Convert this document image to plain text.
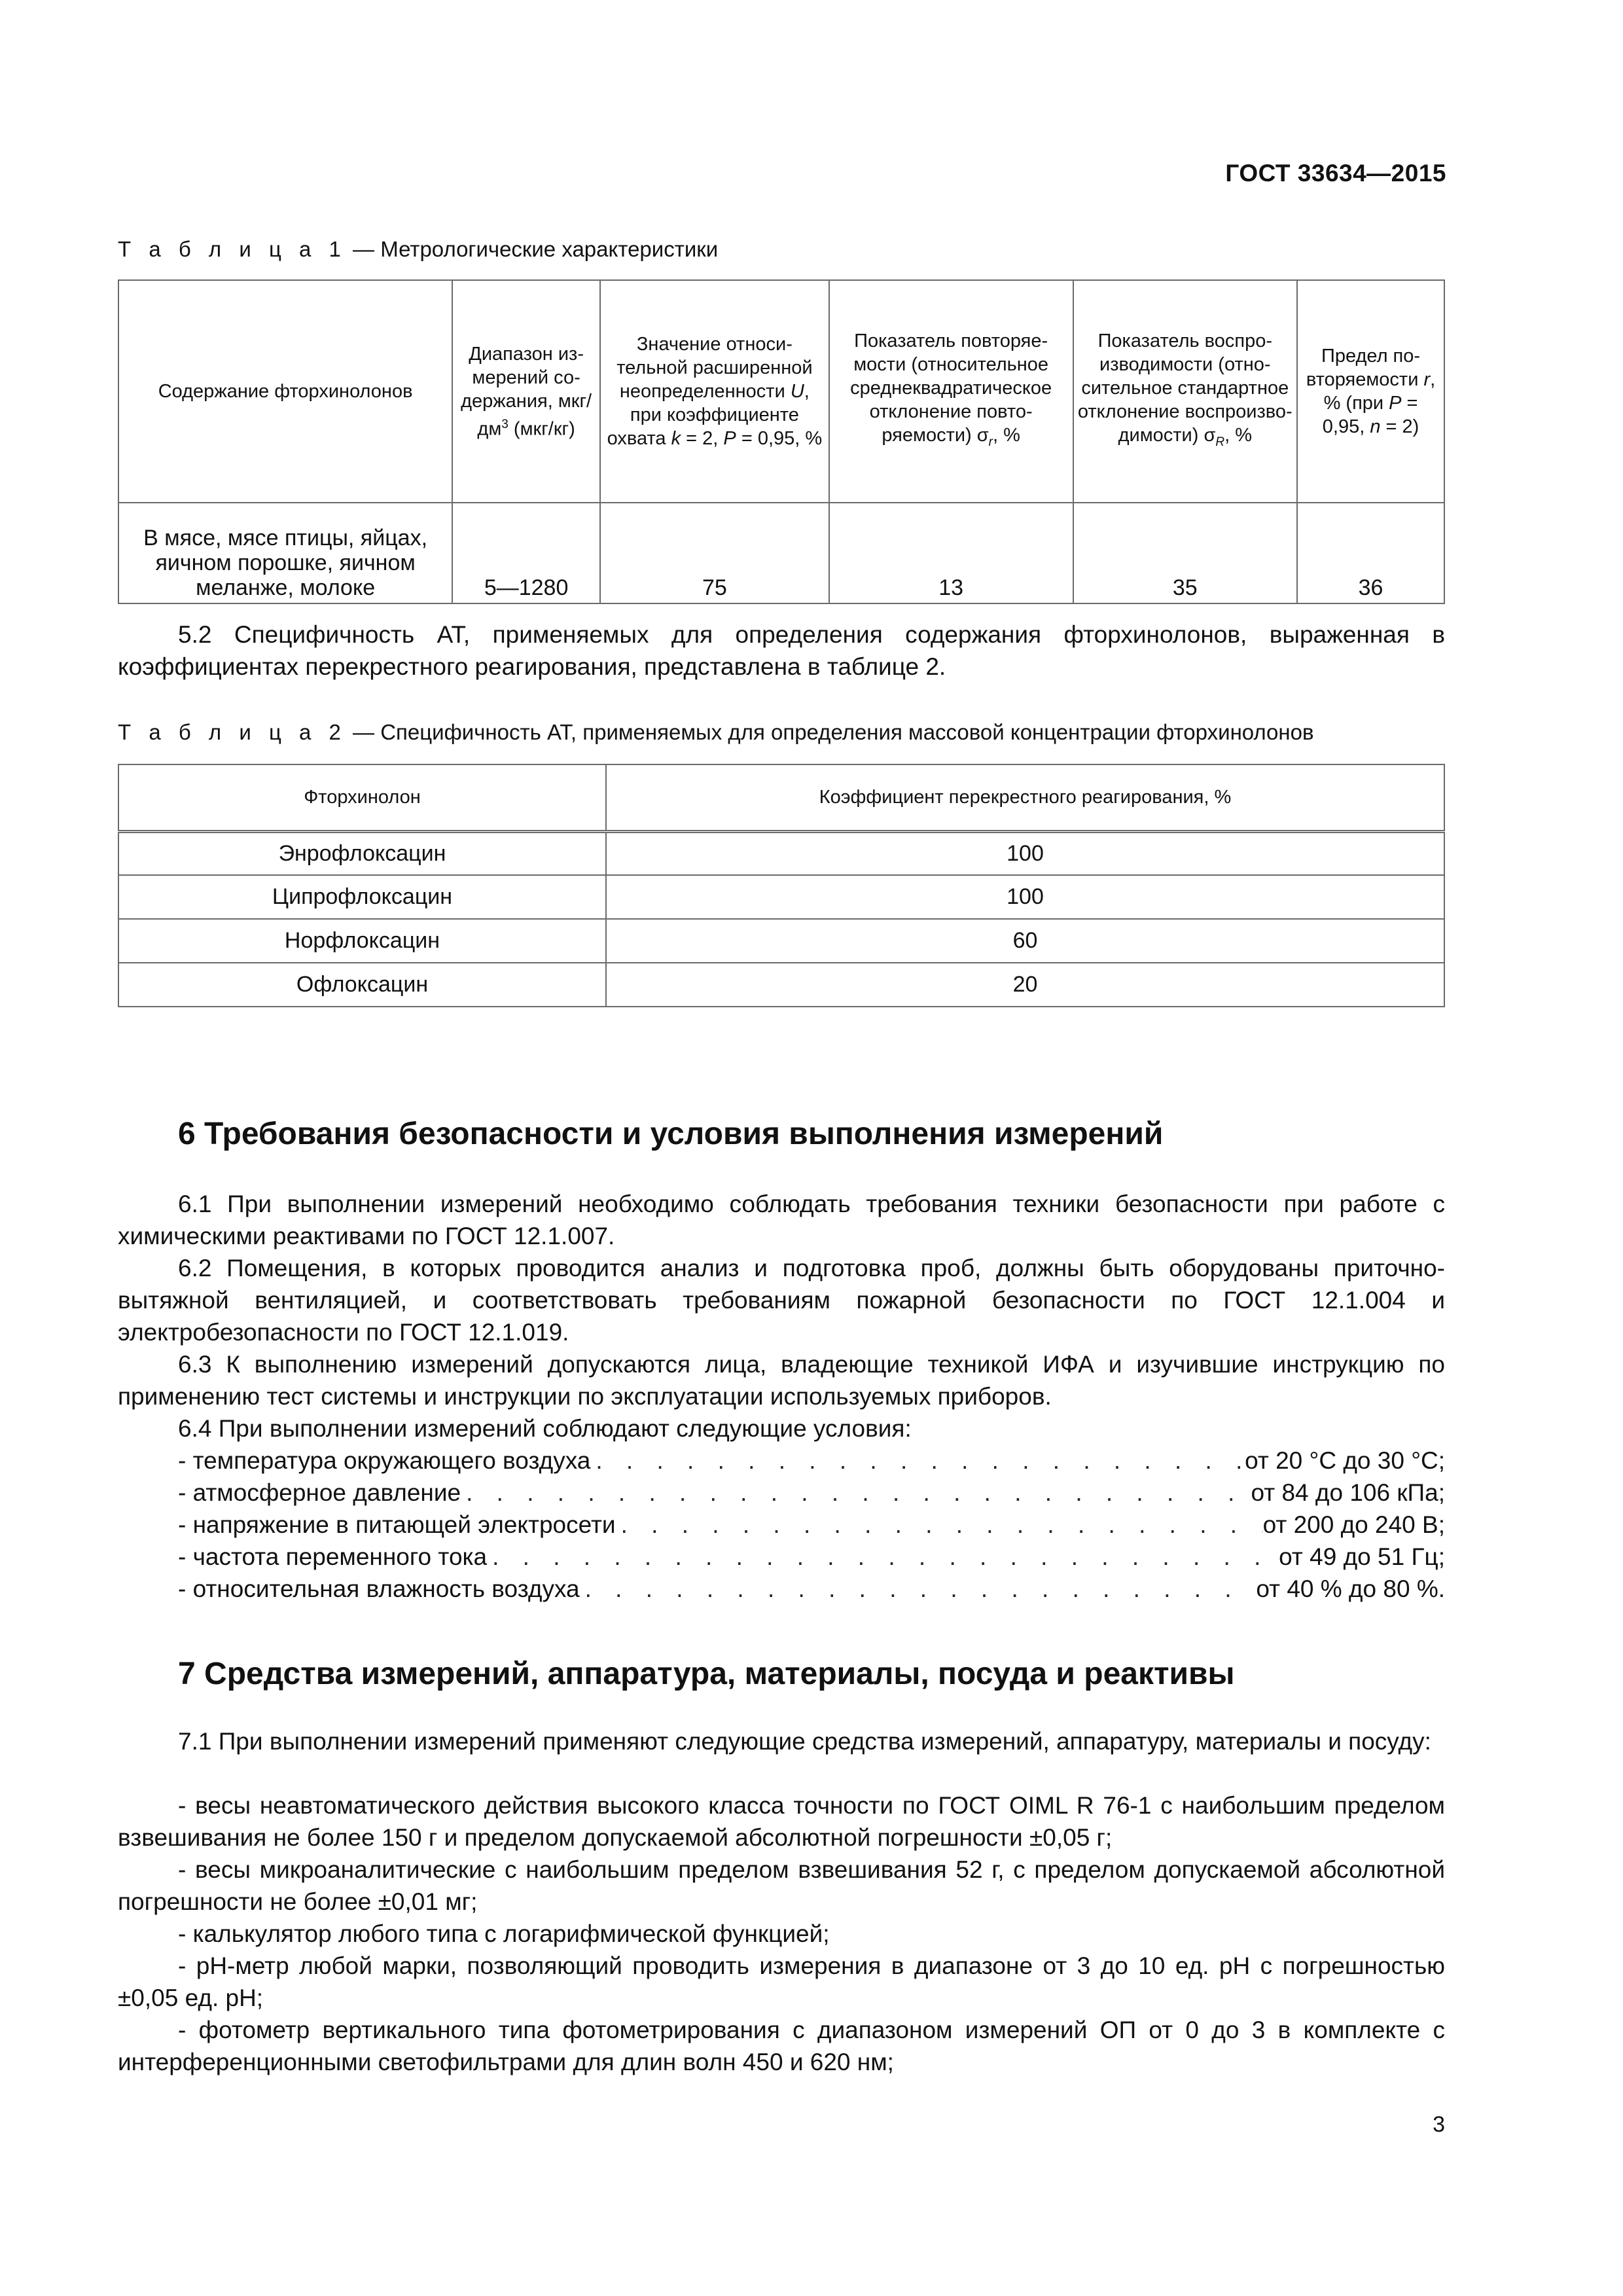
ГОСТ 33634—2015
Т а б л и ц а 1 — Метрологические характеристики
Содержание фторхинолонов	Диапазон измерений содержания, мкг/$дм^3$ (мкг/кг)	Значение относительной расширенной неопределенности U, при коэффициенте охвата k = 2, P = 0,95, %	Показатель повторяемости (относительное среднеквадратическое отклонение повторяемости) $\sigma_r$, %	Показатель воспроизводимости (относительное стандартное отклонение воспроизводимости) $\sigma_R$, %	Предел повторяемости r, % (при P = 0,95, n = 2)
В мясе, мясе птицы, яйцах, яичном порошке, яичном меланже, молоке	5—1280	75	13	35	36

5.2 Специфичность АТ, применяемых для определения содержания фторхинолонов, выраженная в коэффициентах перекрестного реагирования, представлена в таблице 2.

Т а б л и ц а 2 — Специфичность АТ, применяемых для определения массовой концентрации фторхинолонов
Фторхинолон	Коэффициент перекрестного реагирования, %
Энрофлоксацин	100
Ципрофлоксацин	100
Норфлоксацин	60
Офлоксацин	20
6 Требования безопасности и условия выполнения измерений

6.1 При выполнении измерений необходимо соблюдать требования техники безопасности при работе с химическими реактивами по ГОСТ 12.1.007.

6.2 Помещения, в которых проводится анализ и подготовка проб, должны быть оборудованы приточно-вытяжной вентиляцией, и соответствовать требованиям пожарной безопасности по ГОСТ 12.1.004 и электробезопасности по ГОСТ 12.1.019.

6.3 К выполнению измерений допускаются лица, владеющие техникой ИФА и изучившие инструкцию по применению тест системы и инструкции по эксплуатации используемых приборов.

6.4 При выполнении измерений соблюдают следующие условия:

- температура окружающего воздуха . . .	от 20 °С до 30 °С;
- атмосферное давление . . .	от 84 до 106 кПа;
- напряжение в питающей электросети . . .	от 200 до 240 В;
- частота переменного тока . . .	от 49 до 51 Гц;
- относительная влажность воздуха . . .	от 40 % до 80 %.
7 Средства измерений, аппаратура, материалы, посуда и реактивы

7.1 При выполнении измерений применяют следующие средства измерений, аппаратуру, материалы и посуду:

- весы неавтоматического действия высокого класса точности по ГОСТ OIML R 76-1 с наибольшим пределом взвешивания не более 150 г и пределом допускаемой абсолютной погрешности ±0,05 г;

- весы микроаналитические с наибольшим пределом взвешивания 52 г, с пределом допускаемой абсолютной погрешности не более ±0,01 мг;

- калькулятор любого типа с логарифмической функцией;

- pH-метр любой марки, позволяющий проводить измерения в диапазоне от 3 до 10 ед. pH с погрешностью ±0,05 ед. pH;

- фотометр вертикального типа фотометрирования с диапазоном измерений ОП от 0 до 3 в комплекте с интерференционными светофильтрами для длин волн 450 и 620 нм;

3
